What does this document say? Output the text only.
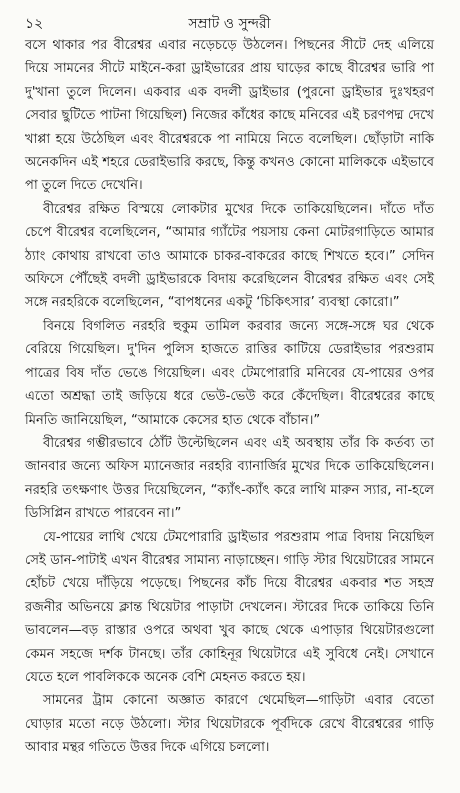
১২	সম্রাট ও সুন্দরী

বসে থাকার পর বীরেশ্বর এবার নড়েচড়ে উঠলেন। পিছনের সীটে দেহ এলিয়ে দিয়ে সামনের সীটে মাইনে-করা ড্রাইভারের প্রায় ঘাড়ের কাছে বীরেশ্বর ভারি পা দু'খানা তুলে দিলেন। একবার এক বদলী ড্রাইভার (পুরনো ড্রাইভার দুঃখহরণ সেবার ছুটিতে পাটনা গিয়েছিল) নিজের কাঁধের কাছে মনিবের এই চরণপদ্ম দেখে খাপ্পা হয়ে উঠেছিল এবং বীরেশ্বরকে পা নামিয়ে নিতে বলেছিল। ছোঁড়াটা নাকি অনেকদিন এই শহরে ডেরাইভারি করছে, কিন্তু কখনও কোনো মালিককে এইভাবে পা তুলে দিতে দেখেনি।

বীরেশ্বর রক্ষিত বিস্ময়ে লোকটার মুখের দিকে তাকিয়েছিলেন। দাঁতে দাঁত চেপে বীরেশ্বর বলেছিলেন, “আমার গ্যাঁটের পয়সায় কেনা মোটরগাড়িতে আমার ঠ্যাং কোথায় রাখবো তাও আমাকে চাকর-বাকরের কাছে শিখতে হবে।” সেদিন অফিসে পৌঁছেই বদলী ড্রাইভারকে বিদায় করেছিলেন বীরেশ্বর রক্ষিত এবং সেই সঙ্গে নরহরিকে বলেছিলেন, “বাপধনের একটু ‘চিকিৎসার’ ব্যবস্থা কোরো।”

বিনয়ে বিগলিত নরহরি হুকুম তামিল করবার জন্যে সঙ্গে-সঙ্গে ঘর থেকে বেরিয়ে গিয়েছিল। দু'দিন পুলিস হাজতে রাত্তির কাটিয়ে ডেরাইভার পরশুরাম পাত্রের বিষ দাঁত ভেঙে গিয়েছিল। এবং টেমপোরারি মনিবের যে-পায়ের ওপর এতো অশ্রদ্ধা তাই জড়িয়ে ধরে ভেউ-ভেউ করে কেঁদেছিল। বীরেশ্বরের কাছে মিনতি জানিয়েছিল, “আমাকে কেসের হাত থেকে বাঁচান।”

বীরেশ্বর গম্ভীরভাবে ঠোঁট উল্টেছিলেন এবং এই অবস্থায় তাঁর কি কর্তব্য তা জানবার জন্যে অফিস ম্যানেজার নরহরি ব্যানার্জির মুখের দিকে তাকিয়েছিলেন। নরহরি তৎক্ষণাৎ উত্তর দিয়েছিলেন, “ক্যাঁৎ-ক্যাঁৎ করে লাথি মারুন স্যার, না-হলে ডিসিপ্লিন রাখতে পারবেন না।”

যে-পায়ের লাথি খেয়ে টেমপোরারি ড্রাইভার পরশুরাম পাত্র বিদায় নিয়েছিল সেই ডান-পাটাই এখন বীরেশ্বর সামান্য নাড়াচ্ছেন। গাড়ি স্টার থিয়েটারের সামনে হোঁচট খেয়ে দাঁড়িয়ে পড়েছে। পিছনের কাঁচ দিয়ে বীরেশ্বর একবার শত সহস্র রজনীর অভিনয়ে ক্লান্ত থিয়েটার পাড়াটা দেখলেন। স্টারের দিকে তাকিয়ে তিনি ভাবলেন—বড় রাস্তার ওপরে অথবা খুব কাছে থেকে এপাড়ার থিয়েটারগুলো কেমন সহজে দর্শক টানছে। তাঁর কোহিনূর থিয়েটারে এই সুবিধে নেই। সেখানে যেতে হলে পাবলিককে অনেক বেশি মেহনত করতে হয়।

সামনের ট্রাম কোনো অজ্ঞাত কারণে থেমেছিল—গাড়িটা এবার বেতো ঘোড়ার মতো নড়ে উঠলো। স্টার থিয়েটারকে পূর্বদিকে রেখে বীরেশ্বরের গাড়ি আবার মন্থর গতিতে উত্তর দিকে এগিয়ে চললো।
